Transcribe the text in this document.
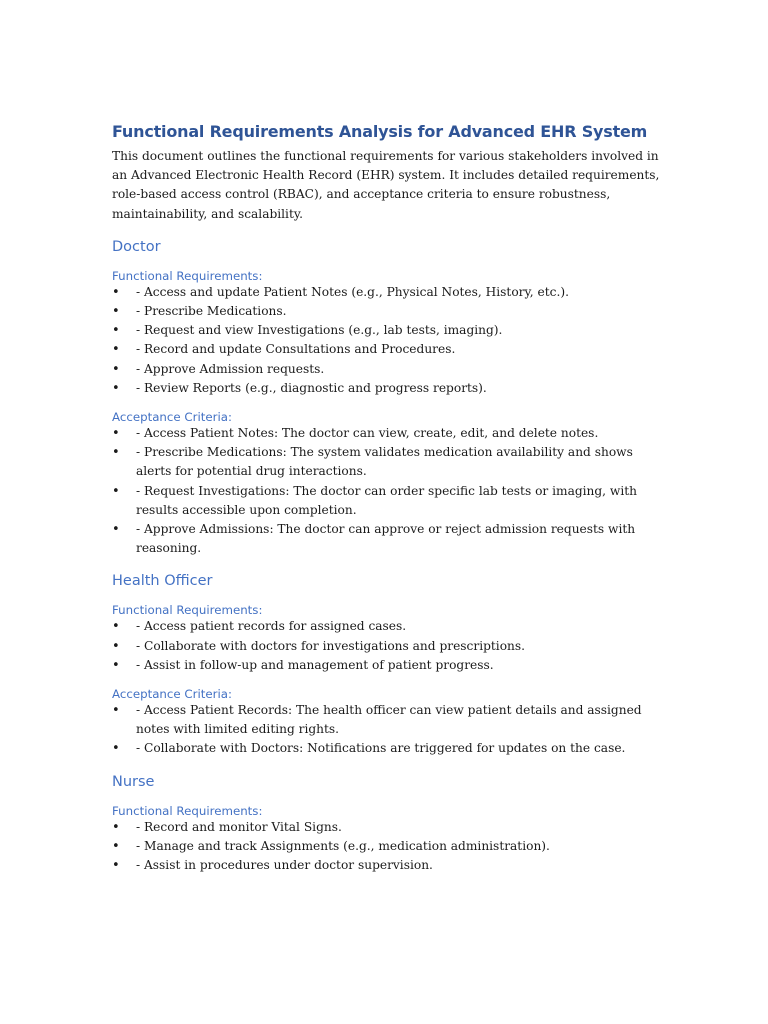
Functional Requirements Analysis for Advanced EHR System

This document outlines the functional requirements for various stakeholders involved in an Advanced Electronic Health Record (EHR) system. It includes detailed requirements, role-based access control (RBAC), and acceptance criteria to ensure robustness, maintainability, and scalability.

Doctor
Functional Requirements:
• - Access and update Patient Notes (e.g., Physical Notes, History, etc.).
• - Prescribe Medications.
• - Request and view Investigations (e.g., lab tests, imaging).
• - Record and update Consultations and Procedures.
• - Approve Admission requests.
• - Review Reports (e.g., diagnostic and progress reports).
Acceptance Criteria:
• - Access Patient Notes: The doctor can view, create, edit, and delete notes.
• - Prescribe Medications: The system validates medication availability and shows alerts for potential drug interactions.
• - Request Investigations: The doctor can order specific lab tests or imaging, with results accessible upon completion.
• - Approve Admissions: The doctor can approve or reject admission requests with reasoning.
Health Officer
Functional Requirements:
• - Access patient records for assigned cases.
• - Collaborate with doctors for investigations and prescriptions.
• - Assist in follow-up and management of patient progress.
Acceptance Criteria:
• - Access Patient Records: The health officer can view patient details and assigned notes with limited editing rights.
• - Collaborate with Doctors: Notifications are triggered for updates on the case.
Nurse
Functional Requirements:
• - Record and monitor Vital Signs.
• - Manage and track Assignments (e.g., medication administration).
• - Assist in procedures under doctor supervision.
